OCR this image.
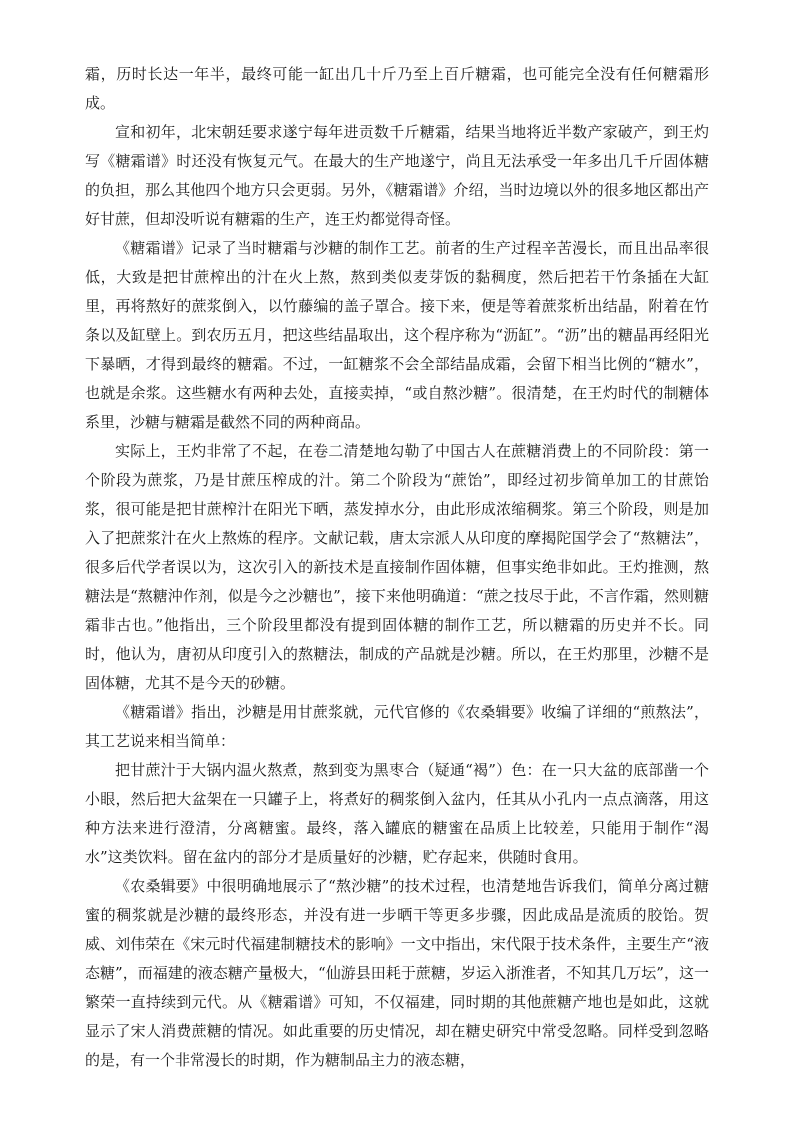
霜，历时长达一年半，最终可能一缸出几十斤乃至上百斤糖霜，也可能完全没有任何糖霜形成。

宣和初年，北宋朝廷要求遂宁每年进贡数千斤糖霜，结果当地将近半数产家破产，到王灼写《糖霜谱》时还没有恢复元气。在最大的生产地遂宁，尚且无法承受一年多出几千斤固体糖的负担，那么其他四个地方只会更弱。另外，《糖霜谱》介绍，当时边境以外的很多地区都出产好甘蔗，但却没听说有糖霜的生产，连王灼都觉得奇怪。

《糖霜谱》记录了当时糖霜与沙糖的制作工艺。前者的生产过程辛苦漫长，而且出品率很低，大致是把甘蔗榨出的汁在火上熬，熬到类似麦芽饭的黏稠度，然后把若干竹条插在大缸里，再将熬好的蔗浆倒入，以竹藤编的盖子罩合。接下来，便是等着蔗浆析出结晶，附着在竹条以及缸壁上。到农历五月，把这些结晶取出，这个程序称为“沥缸”。“沥”出的糖晶再经阳光下暴晒，才得到最终的糖霜。不过，一缸糖浆不会全部结晶成霜，会留下相当比例的“糖水”，也就是余浆。这些糖水有两种去处，直接卖掉，“或自熬沙糖”。很清楚，在王灼时代的制糖体系里，沙糖与糖霜是截然不同的两种商品。

实际上，王灼非常了不起，在卷二清楚地勾勒了中国古人在蔗糖消费上的不同阶段：第一个阶段为蔗浆，乃是甘蔗压榨成的汁。第二个阶段为“蔗饴”，即经过初步简单加工的甘蔗饴浆，很可能是把甘蔗榨汁在阳光下晒，蒸发掉水分，由此形成浓缩稠浆。第三个阶段，则是加入了把蔗浆汁在火上熬炼的程序。文献记载，唐太宗派人从印度的摩揭陀国学会了“熬糖法”，很多后代学者误以为，这次引入的新技术是直接制作固体糖，但事实绝非如此。王灼推测，熬糖法是“熬糖沖作剂，似是今之沙糖也”，接下来他明确道：“蔗之技尽于此，不言作霜，然则糖霜非古也。”他指出，三个阶段里都没有提到固体糖的制作工艺，所以糖霜的历史并不长。同时，他认为，唐初从印度引入的熬糖法，制成的产品就是沙糖。所以，在王灼那里，沙糖不是固体糖，尤其不是今天的砂糖。

《糖霜谱》指出，沙糖是用甘蔗浆就，元代官修的《农桑辑要》收编了详细的“煎熬法”，其工艺说来相当简单：

把甘蔗汁于大锅内温火熬煮，熬到变为黑枣合（疑通“褐”）色：在一只大盆的底部凿一个小眼，然后把大盆架在一只罐子上，将煮好的稠浆倒入盆内，任其从小孔内一点点滴落，用这种方法来进行澄清，分离糖蜜。最终，落入罐底的糖蜜在品质上比较差，只能用于制作“渴水”这类饮料。留在盆内的部分才是质量好的沙糖，贮存起来，供随时食用。

《农桑辑要》中很明确地展示了“熬沙糖”的技术过程，也清楚地告诉我们，简单分离过糖蜜的稠浆就是沙糖的最终形态，并没有进一步晒干等更多步骤，因此成品是流质的胶饴。贺威、刘伟荣在《宋元时代福建制糖技术的影响》一文中指出，宋代限于技术条件，主要生产“液态糖”，而福建的液态糖产量极大，“仙游县田耗于蔗糖，岁运入浙淮者，不知其几万坛”，这一繁荣一直持续到元代。从《糖霜谱》可知，不仅福建，同时期的其他蔗糖产地也是如此，这就显示了宋人消费蔗糖的情况。如此重要的历史情况，却在糖史研究中常受忽略。同样受到忽略的是，有一个非常漫长的时期，作为糖制品主力的液态糖，
